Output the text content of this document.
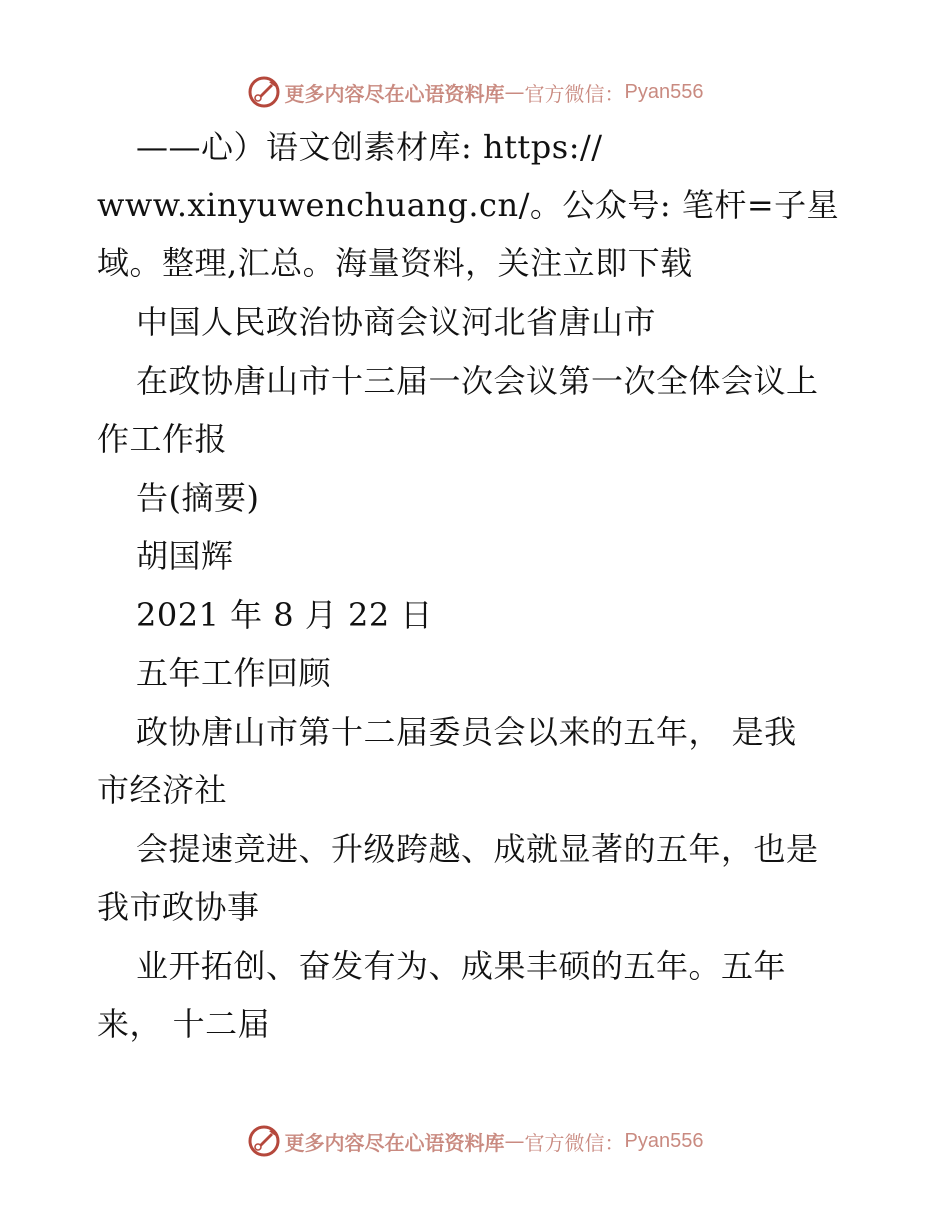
更多内容尽在心语资料库 — 官方微信： Pyan556
——心）语文创素材库: https://
www.xinyuwenchuang.cn/。公众号: 笔杆=子星
域。整理,汇总。海量资料，关注立即下载
中国人民政治协商会议河北省唐山市
在政协唐山市十三届一次会议第一次全体会议上
作工作报
告(摘要)
胡国辉
2021 年 8 月 22 日
五年工作回顾
政协唐山市第十二届委员会以来的五年， 是我
市经济社
会提速竞进、升级跨越、成就显著的五年，也是
我市政协事
业开拓创、奋发有为、成果丰硕的五年。五年
来， 十二届
更多内容尽在心语资料库 — 官方微信： Pyan556
